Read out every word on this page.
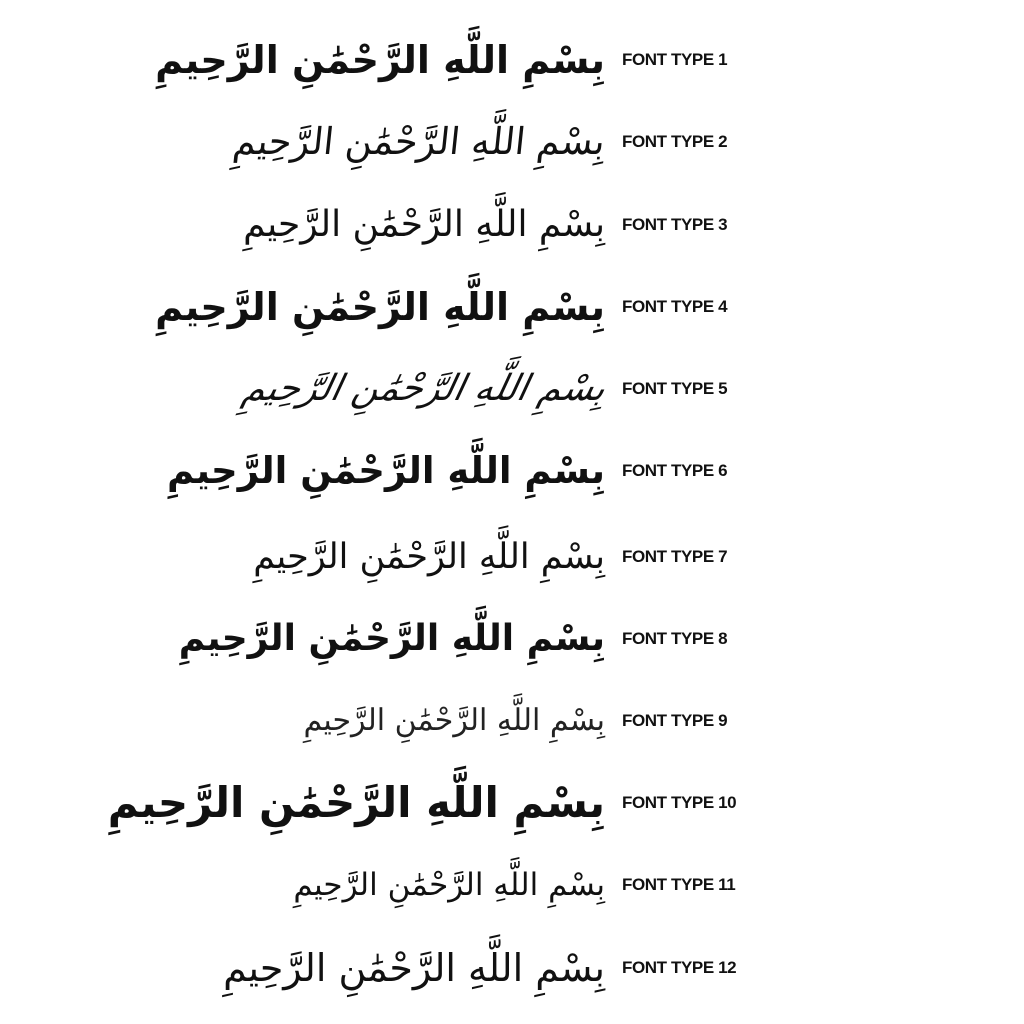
بِسْمِ اللَّهِ الرَّحْمَٰنِ الرَّحِيمِ FONT TYPE 1
بِسْمِ اللَّهِ الرَّحْمَٰنِ الرَّحِيمِ FONT TYPE 2
بِسْمِ اللَّهِ الرَّحْمَٰنِ الرَّحِيمِ FONT TYPE 3
بِسْمِ اللَّهِ الرَّحْمَٰنِ الرَّحِيمِ FONT TYPE 4
بِسْمِ اللَّهِ الرَّحْمَٰنِ الرَّحِيمِ FONT TYPE 5
بِسْمِ اللَّهِ الرَّحْمَٰنِ الرَّحِيمِ FONT TYPE 6
بِسْمِ اللَّهِ الرَّحْمَٰنِ الرَّحِيمِ FONT TYPE 7
بِسْمِ اللَّهِ الرَّحْمَٰنِ الرَّحِيمِ FONT TYPE 8
بِسْمِ اللَّهِ الرَّحْمَٰنِ الرَّحِيمِ FONT TYPE 9
بِسْمِ اللَّهِ الرَّحْمَٰنِ الرَّحِيمِ FONT TYPE 10
بِسْمِ اللَّهِ الرَّحْمَٰنِ الرَّحِيمِ FONT TYPE 11
بِسْمِ اللَّهِ الرَّحْمَٰنِ الرَّحِيمِ FONT TYPE 12
